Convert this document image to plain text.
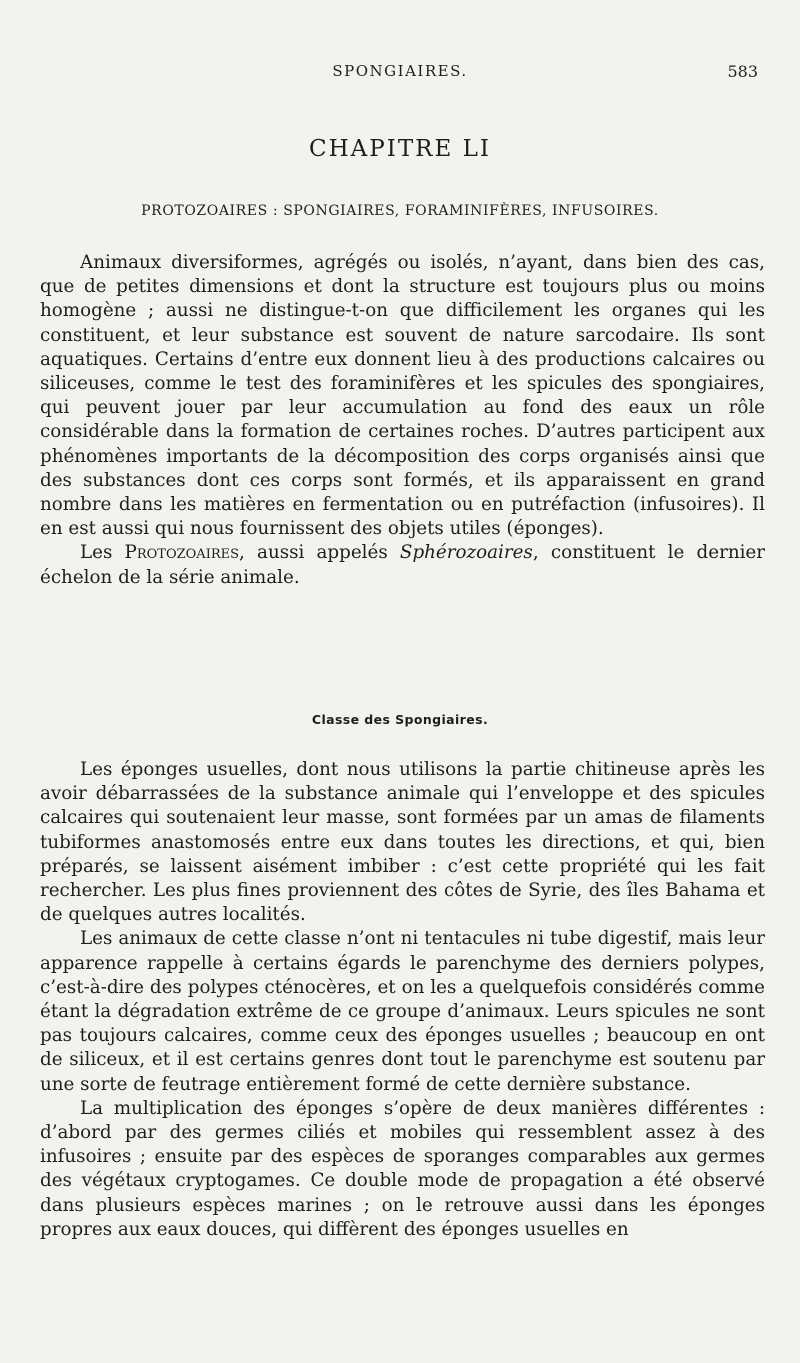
SPONGIAIRES.	583
CHAPITRE LI
PROTOZOAIRES : SPONGIAIRES, FORAMINIFÈRES, INFUSOIRES.

Animaux diversiformes, agrégés ou isolés, n’ayant, dans bien des cas, que de petites dimensions et dont la structure est toujours plus ou moins homogène ; aussi ne distingue-t-on que difficilement les organes qui les constituent, et leur substance est souvent de nature sarcodaire. Ils sont aquatiques. Certains d’entre eux donnent lieu à des productions calcaires ou siliceuses, comme le test des foraminifères et les spicules des spongiaires, qui peuvent jouer par leur accumulation au fond des eaux un rôle considérable dans la formation de certaines roches. D’autres participent aux phénomènes importants de la décomposition des corps organisés ainsi que des substances dont ces corps sont formés, et ils apparaissent en grand nombre dans les matières en fermentation ou en putréfaction (infusoires). Il en est aussi qui nous fournissent des objets utiles (éponges).

Les Protozoaires, aussi appelés Sphérozoaires, constituent le dernier échelon de la série animale.

Classe des Spongiaires.

Les éponges usuelles, dont nous utilisons la partie chitineuse après les avoir débarrassées de la substance animale qui l’enveloppe et des spicules calcaires qui soutenaient leur masse, sont formées par un amas de filaments tubiformes anastomosés entre eux dans toutes les directions, et qui, bien préparés, se laissent aisément imbiber : c’est cette propriété qui les fait rechercher. Les plus fines proviennent des côtes de Syrie, des îles Bahama et de quelques autres localités.

Les animaux de cette classe n’ont ni tentacules ni tube digestif, mais leur apparence rappelle à certains égards le parenchyme des derniers polypes, c’est-à-dire des polypes cténocères, et on les a quelquefois considérés comme étant la dégradation extrême de ce groupe d’animaux. Leurs spicules ne sont pas toujours calcaires, comme ceux des éponges usuelles ; beaucoup en ont de siliceux, et il est certains genres dont tout le parenchyme est soutenu par une sorte de feutrage entièrement formé de cette dernière substance.

La multiplication des éponges s’opère de deux manières différentes : d’abord par des germes ciliés et mobiles qui ressemblent assez à des infusoires ; ensuite par des espèces de sporanges comparables aux germes des végétaux cryptogames. Ce double mode de propagation a été observé dans plusieurs espèces marines ; on le retrouve aussi dans les éponges propres aux eaux douces, qui diffèrent des éponges usuelles en
